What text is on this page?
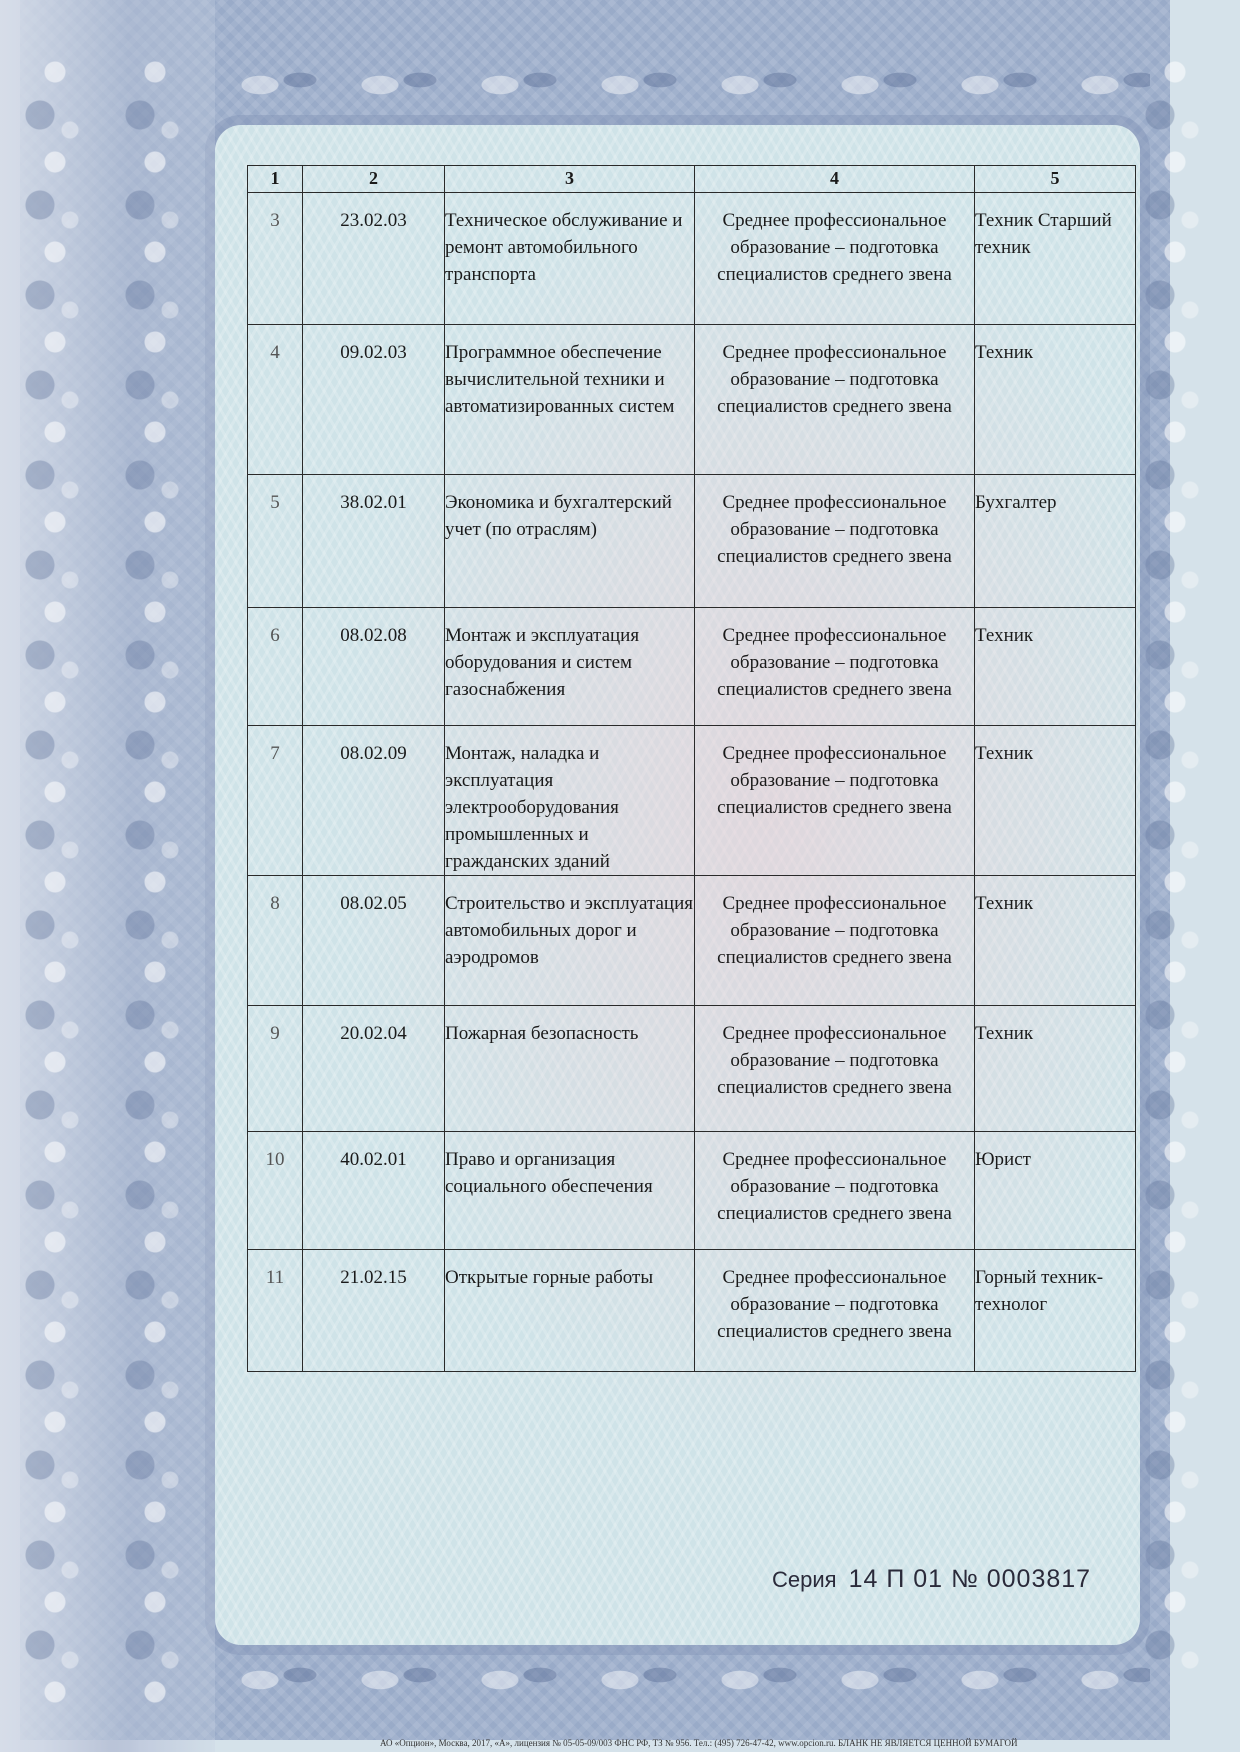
1	2	3	4	5
3	23.02.03	Техническое обслуживание и ремонт автомобильного транспорта	Среднее профессиональное образование – подготовка специалистов среднего звена	Техник Старший техник
4	09.02.03	Программное обеспечение вычислительной техники и автоматизированных систем	Среднее профессиональное образование – подготовка специалистов среднего звена	Техник
5	38.02.01	Экономика и бухгалтерский учет (по отраслям)	Среднее профессиональное образование – подготовка специалистов среднего звена	Бухгалтер
6	08.02.08	Монтаж и эксплуатация оборудования и систем газоснабжения	Среднее профессиональное образование – подготовка специалистов среднего звена	Техник
7	08.02.09	Монтаж, наладка и эксплуатация электрооборудования промышленных и гражданских зданий	Среднее профессиональное образование – подготовка специалистов среднего звена	Техник
8	08.02.05	Строительство и эксплуатация автомобильных дорог и аэродромов	Среднее профессиональное образование – подготовка специалистов среднего звена	Техник
9	20.02.04	Пожарная безопасность	Среднее профессиональное образование – подготовка специалистов среднего звена	Техник
10	40.02.01	Право и организация социального обеспечения	Среднее профессиональное образование – подготовка специалистов среднего звена	Юрист
11	21.02.15	Открытые горные работы	Среднее профессиональное образование – подготовка специалистов среднего звена	Горный техник-технолог
Серия 14 П 01 № 0003817
АО «Опцион», Москва, 2017, «А», лицензия № 05-05-09/003 ФНС РФ, ТЗ № 956. Тел.: (495) 726-47-42, www.opcion.ru. БЛАНК НЕ ЯВЛЯЕТСЯ ЦЕННОЙ БУМАГОЙ
